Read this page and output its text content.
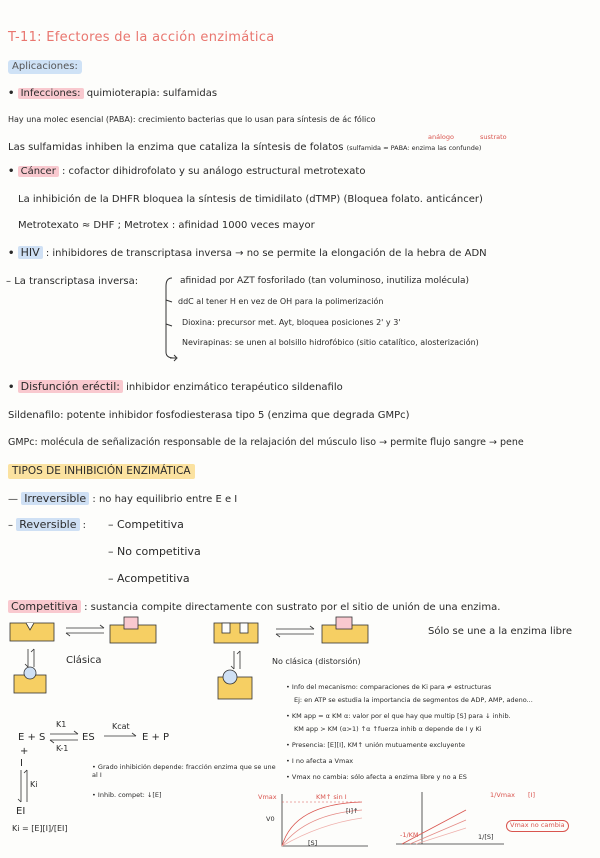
T-11: Efectores de la acción enzimática
Aplicaciones:
• Infecciones: quimioterapia: sulfamidas
Hay una molec esencial (PABA): crecimiento bacterias que lo usan para síntesis de ác fólico
análogo	sustrato
Las sulfamidas inhiben la enzima que cataliza la síntesis de folatos (sulfamida ≈ PABA: enzima las confunde)
• Cáncer : cofactor dihidrofolato y su análogo estructural metrotexato
La inhibición de la DHFR bloquea la síntesis de timidilato (dTMP) (Bloquea folato. anticáncer)
Metrotexato ≈ DHF ; Metrotex : afinidad 1000 veces mayor
• HIV : inhibidores de transcriptasa inversa → no se permite la elongación de la hebra de ADN
– La transcriptasa inversa:	afinidad por AZT fosforilado (tan voluminoso, inutiliza molécula)
ddC al tener H en vez de OH para la polimerización
Dioxina: precursor met. Ayt, bloquea posiciones 2' y 3'
Nevirapinas: se unen al bolsillo hidrofóbico (sitio catalítico, alosterización)
• Disfunción eréctil: inhibidor enzimático terapéutico sildenafilo
Sildenafilo: potente inhibidor fosfodiesterasa tipo 5 (enzima que degrada GMPc)
GMPc: molécula de señalización responsable de la relajación del músculo liso → permite flujo sangre → pene
TIPOS DE INHIBICIÓN ENZIMÁTICA
— Irreversible : no hay equilibrio entre E e I
– Reversible : – Competitiva
– No competitiva
– Acompetitiva
Competitiva : sustancia compite directamente con sustrato por el sitio de unión de una enzima.
Clásica	No clásica (distorsión)
Sólo se une a la enzima libre
E + S
K1
K-1
ES
Kcat
E + P
+
I
Ki
EI
Ki = [E][I]/[EI]
• Grado inhibición depende: fracción enzima que se une al I
• Inhib. compet: ↓[E]
• Info del mecanismo: comparaciones de Ki para ≠ estructuras
Ej: en ATP se estudia la importancia de segmentos de ADP, AMP, adeno...
• KM app = α KM α: valor por el que hay que multip [S] para ↓ inhib.
KM app > KM (α>1) ↑α ↑fuerza inhib α depende de I y Ki
• Presencia: [E][I], KM↑ unión mutuamente excluyente
• I no afecta a Vmax
• Vmax no cambia: sólo afecta a enzima libre y no a ES
V0
[S]
Vmax	KM↑ sin I
[I]↑
1/Vmax
-1/KM
[I]
Vmax no cambia
1/[S]
